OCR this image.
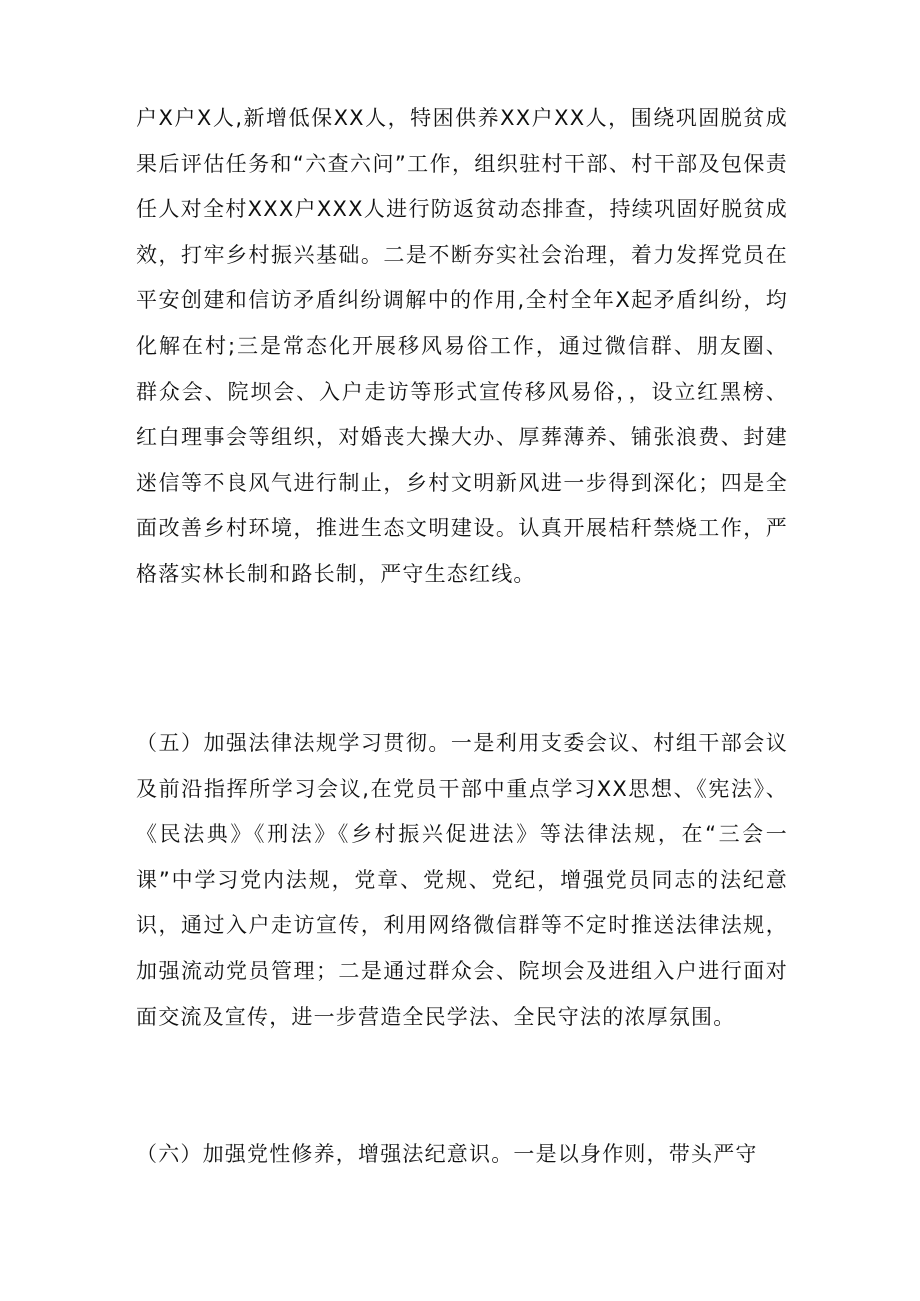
户X户X人,新增低保XX人，特困供养XX户XX人，围绕巩固脱贫成果后评估任务和“六查六问”工作，组织驻村干部、村干部及包保责任人对全村XXX户XXX人进行防返贫动态排查，持续巩固好脱贫成效，打牢乡村振兴基础。二是不断夯实社会治理，着力发挥党员在平安创建和信访矛盾纠纷调解中的作用,全村全年X起矛盾纠纷，均化解在村;三是常态化开展移风易俗工作，通过微信群、朋友圈、群众会、院坝会、入户走访等形式宣传移风易俗，，设立红黑榜、红白理事会等组织，对婚丧大操大办、厚葬薄养、铺张浪费、封建迷信等不良风气进行制止，乡村文明新风进一步得到深化；四是全面改善乡村环境，推进生态文明建设。认真开展桔秆禁烧工作，严格落实林长制和路长制，严守生态红线。
（五）加强法律法规学习贯彻。一是利用支委会议、村组干部会议及前沿指挥所学习会议,在党员干部中重点学习XX思想、《宪法》、《民法典》《刑法》《乡村振兴促进法》等法律法规，在“三会一课”中学习党内法规，党章、党规、党纪，增强党员同志的法纪意识，通过入户走访宣传，利用网络微信群等不定时推送法律法规，加强流动党员管理；二是通过群众会、院坝会及进组入户进行面对面交流及宣传，进一步营造全民学法、全民守法的浓厚氛围。
（六）加强党性修养，增强法纪意识。一是以身作则，带头严守
